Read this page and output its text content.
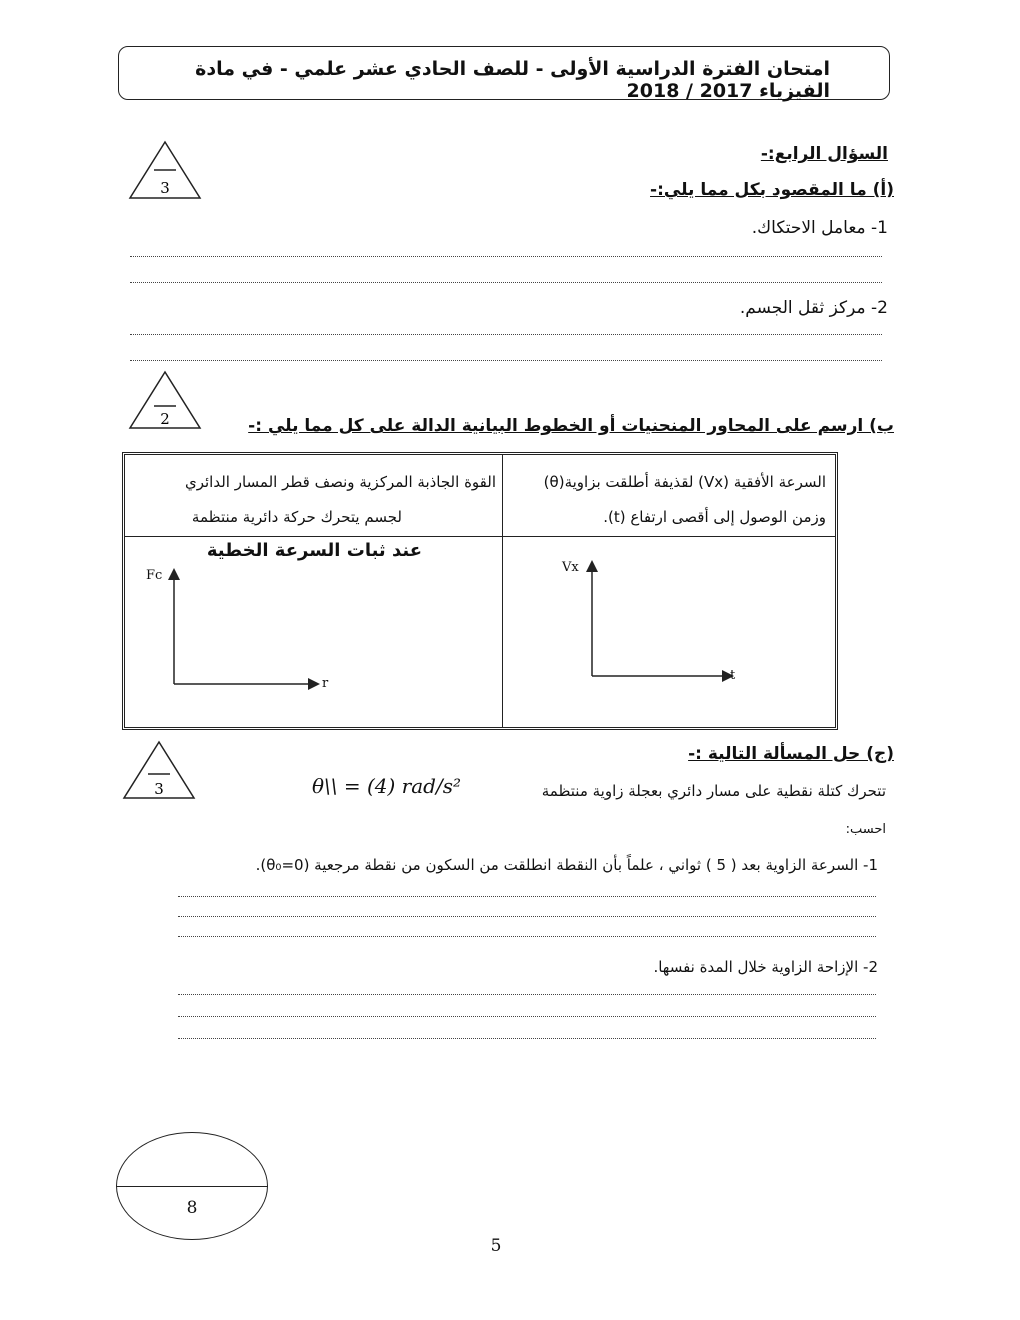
امتحان الفترة الدراسية الأولى - للصف الحادي عشر علمي - في مادة الفيزياء 2017 / 2018
السؤال الرابع:-
3	(أ) ما المقصود بكل مما يلي:-
1- معامل الاحتكاك.
2- مركز ثقل الجسم.
2	ب) ارسم على المحاور المنحنيات أو الخطوط البيانية الدالة على كل مما يلي :-
السرعة الأفقية (Vx) لقذيفة أطلقت بزاوية(θ)
وزمن الوصول إلى أقصى ارتفاع (t).
القوة الجاذبة المركزية ونصف قطر المسار الدائري
لجسم يتحرك حركة دائرية منتظمة
عند ثبات السرعة الخطية
Vx
t
Fc
r
3
(ج) حل المسألة التالية :-
تتحرك كتلة نقطية على مسار دائري بعجلة زاوية منتظمة
θ\\ = (4) rad/s²
احسب:
1- السرعة الزاوية بعد ( 5 ) ثواني ، علماً بأن النقطة انطلقت من السكون من نقطة مرجعية (θ₀=0).
2- الإزاحة الزاوية خلال المدة نفسها.
8
5
